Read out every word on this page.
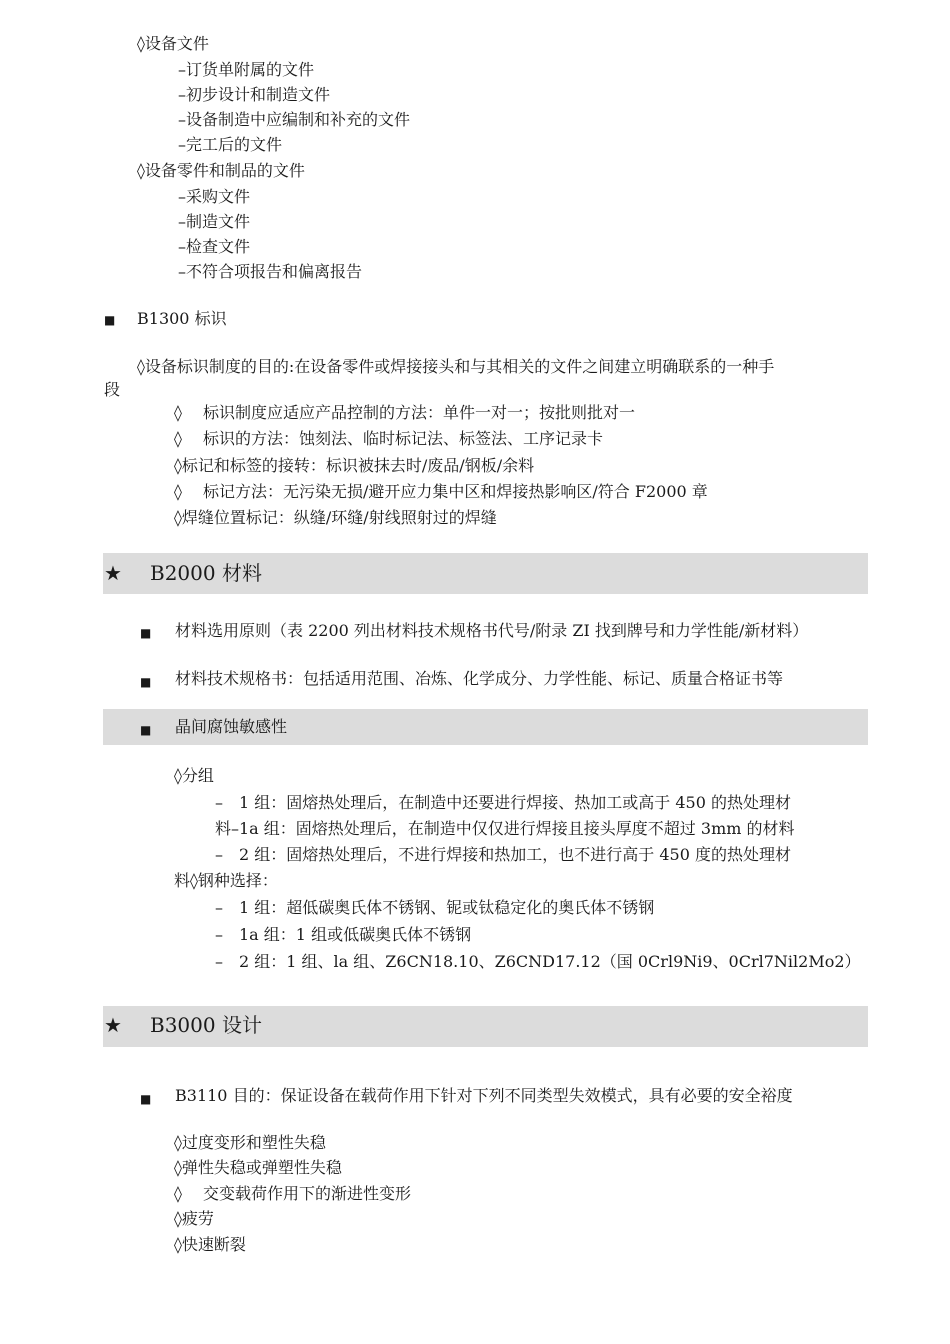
◊设备文件
–订货单附属的文件
–初步设计和制造文件
–设备制造中应编制和补充的文件
–完工后的文件
◊设备零件和制品的文件
–采购文件
–制造文件
–检查文件
–不符合项报告和偏离报告
■ B1300 标识
◊设备标识制度的目的:在设备零件或焊接接头和与其相关的文件之间建立明确联系的一种手
段
◊　 标识制度应适应产品控制的方法：单件一对一；按批则批对一
◊　 标识的方法：蚀刻法、临时标记法、标签法、工序记录卡
◊标记和标签的接转：标识被抹去时/废品/钢板/余料
◊　 标记方法：无污染无损/避开应力集中区和焊接热影响区/符合 F2000 章
◊焊缝位置标记：纵缝/环缝/射线照射过的焊缝
★ B2000 材料
■ 材料选用原则（表 2200 列出材料技术规格书代号/附录 ZI 找到牌号和力学性能/新材料）
■ 材料技术规格书：包括适用范围、冶炼、化学成分、力学性能、标记、质量合格证书等
■ 晶间腐蚀敏感性
◊分组
–　1 组：固熔热处理后，在制造中还要进行焊接、热加工或高于 450 的热处理材
料–1a 组：固熔热处理后，在制造中仅仅进行焊接且接头厚度不超过 3mm 的材料
–　2 组：固熔热处理后，不进行焊接和热加工，也不进行高于 450 度的热处理材
料◊钢种选择：
–　1 组：超低碳奥氏体不锈钢、铌或钛稳定化的奥氏体不锈钢
–　1a 组：1 组或低碳奥氏体不锈钢
–　2 组：1 组、la 组、Z6CN18.10、Z6CND17.12（国 0Crl9Ni9、0Crl7Nil2Mo2）
★ B3000 设计
■ B3110 目的：保证设备在载荷作用下针对下列不同类型失效模式，具有必要的安全裕度
◊过度变形和塑性失稳
◊弹性失稳或弹塑性失稳
◊　 交变载荷作用下的渐进性变形
◊疲劳
◊快速断裂
